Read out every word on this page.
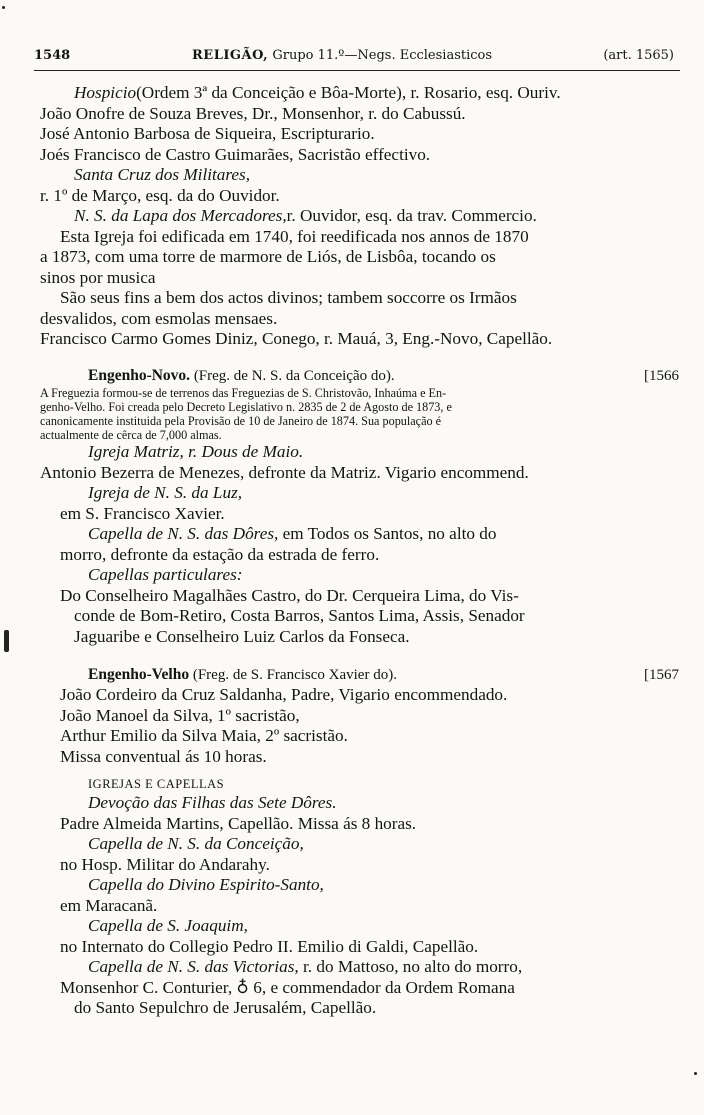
1548	RELIGÃO, Grupo 11.º—Negs. Ecclesiasticos	(art. 1565)
Hospicio(Ordem 3ª da Conceição e Bôa-Morte), r. Rosario, esq. Ouriv.
João Onofre de Souza Breves, Dr., Monsenhor, r. do Cabussú.
José Antonio Barbosa de Siqueira, Escripturario.
Joés Francisco de Castro Guimarães, Sacristão effectivo.
Santa Cruz dos Militares,
r. 1º de Março, esq. da do Ouvidor.
N. S. da Lapa dos Mercadores,r. Ouvidor, esq. da trav. Commercio.
Esta Igreja foi edificada em 1740, foi reedificada nos annos de 1870
a 1873, com uma torre de marmore de Liós, de Lisbôa, tocando os
sinos por musica
São seus fins a bem dos actos divinos; tambem soccorre os Irmãos
desvalidos, com esmolas mensaes.
Francisco Carmo Gomes Diniz, Conego, r. Mauá, 3, Eng.-Novo, Capellão.
Engenho-Novo. (Freg. de N. S. da Conceição do).	[1566
A Freguezia formou-se de terrenos das Freguezias de S. Christovão, Inhaúma e En-
genho-Velho. Foi creada pelo Decreto Legislativo n. 2835 de 2 de Agosto de 1873, e
canonicamente instituida pela Provisão de 10 de Janeiro de 1874. Sua população é
actualmente de cêrca de 7,000 almas.
Igreja Matriz, r. Dous de Maio.
Antonio Bezerra de Menezes, defronte da Matriz. Vigario encommend.
Igreja de N. S. da Luz,
em S. Francisco Xavier.
Capella de N. S. das Dôres, em Todos os Santos, no alto do
morro, defronte da estação da estrada de ferro.
Capellas particulares:
Do Conselheiro Magalhães Castro, do Dr. Cerqueira Lima, do Vis-
conde de Bom-Retiro, Costa Barros, Santos Lima, Assis, Senador
Jaguaribe e Conselheiro Luiz Carlos da Fonseca.
Engenho-Velho (Freg. de S. Francisco Xavier do).	[1567
João Cordeiro da Cruz Saldanha, Padre, Vigario encommendado.
João Manoel da Silva, 1º sacristão,
Arthur Emilio da Silva Maia, 2º sacristão.
Missa conventual ás 10 horas.
IGREJAS E CAPELLAS
Devoção das Filhas das Sete Dôres.
Padre Almeida Martins, Capellão. Missa ás 8 horas.
Capella de N. S. da Conceição,
no Hosp. Militar do Andarahy.
Capella do Divino Espirito-Santo,
em Maracanã.
Capella de S. Joaquim,
no Internato do Collegio Pedro II. Emilio di Galdi, Capellão.
Capella de N. S. das Victorias, r. do Mattoso, no alto do morro,
Monsenhor C. Conturier, ♁ 6, e commendador da Ordem Romana
do Santo Sepulchro de Jerusalém, Capellão.
